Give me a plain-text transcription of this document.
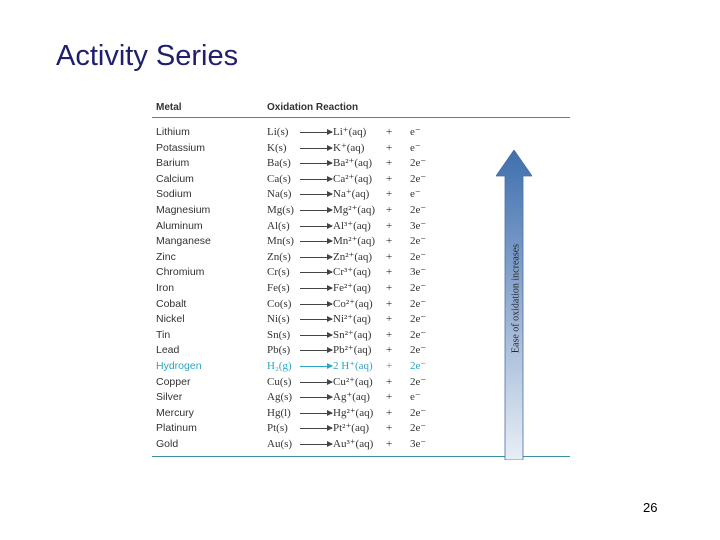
Activity Series
Metal	Oxidation Reaction
Lithium	Li(s)	Li⁺(aq) + e⁻
Potassium	K(s)	K⁺(aq) + e⁻
Barium	Ba(s)	Ba²⁺(aq) + 2e⁻
Calcium	Ca(s)	Ca²⁺(aq) + 2e⁻
Sodium	Na(s)	Na⁺(aq) + e⁻
Magnesium	Mg(s)	Mg²⁺(aq) + 2e⁻
Aluminum	Al(s)	Al³⁺(aq) + 3e⁻
Manganese	Mn(s)	Mn²⁺(aq) + 2e⁻
Zinc	Zn(s)	Zn²⁺(aq) + 2e⁻
Chromium	Cr(s)	Cr³⁺(aq) + 3e⁻
Iron	Fe(s)	Fe²⁺(aq) + 2e⁻
Cobalt	Co(s)	Co²⁺(aq) + 2e⁻
Nickel	Ni(s)	Ni²⁺(aq) + 2e⁻
Tin	Sn(s)	Sn²⁺(aq) + 2e⁻
Lead	Pb(s)	Pb²⁺(aq) + 2e⁻
Hydrogen	H₂(g)	2 H⁺(aq) + 2e⁻
Copper	Cu(s)	Cu²⁺(aq) + 2e⁻
Silver	Ag(s)	Ag⁺(aq) + e⁻
Mercury	Hg(l)	Hg²⁺(aq) + 2e⁻
Platinum	Pt(s)	Pt²⁺(aq) + 2e⁻
Gold	Au(s)	Au³⁺(aq) + 3e⁻
Ease of oxidation increases
26
